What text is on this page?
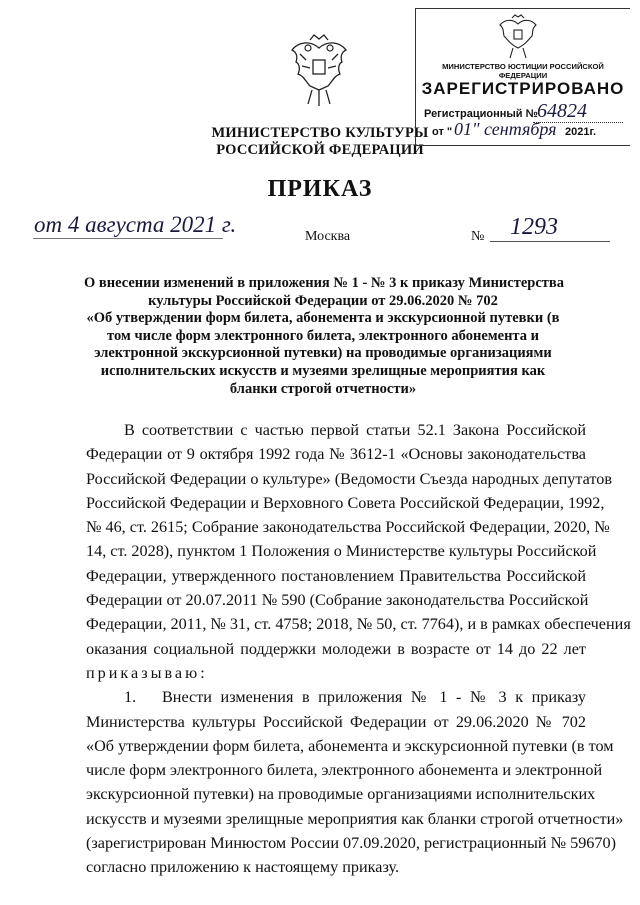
МИНИСТЕРСТВО КУЛЬТУРЫ
РОССИЙСКОЙ ФЕДЕРАЦИИ
МИНИСТЕРСТВО ЮСТИЦИИ РОССИЙСКОЙ ФЕДЕРАЦИИ
ЗАРЕГИСТРИРОВАНО
Регистрационный № 64824
от " 01" сентября 2021г.
ПРИКАЗ
от 4 августа 2021 г.	Москва	№ 1293
О внесении изменений в приложения № 1 - № 3 к приказу Министерства
культуры Российской Федерации от 29.06.2020 № 702
«Об утверждении форм билета, абонемента и экскурсионной путевки (в
том числе форм электронного билета, электронного абонемента и
электронной экскурсионной путевки) на проводимые организациями
исполнительских искусств и музеями зрелищные мероприятия как
бланки строгой отчетности»
В соответствии с частью первой статьи 52.1 Закона Российской
Федерации от 9 октября 1992 года № 3612-1 «Основы законодательства
Российской Федерации о культуре» (Ведомости Съезда народных депутатов
Российской Федерации и Верховного Совета Российской Федерации, 1992,
№ 46, ст. 2615; Собрание законодательства Российской Федерации, 2020, №
14, ст. 2028), пунктом 1 Положения о Министерстве культуры Российской
Федерации, утвержденного постановлением Правительства Российской
Федерации от 20.07.2011 № 590 (Собрание законодательства Российской
Федерации, 2011, № 31, ст. 4758; 2018, № 50, ст. 7764), и в рамках обеспечения
оказания социальной поддержки молодежи в возрасте от 14 до 22 лет
приказываю:
1. Внести изменения в приложения № 1 - № 3 к приказу
Министерства культуры Российской Федерации от 29.06.2020 № 702
«Об утверждении форм билета, абонемента и экскурсионной путевки (в том
числе форм электронного билета, электронного абонемента и электронной
экскурсионной путевки) на проводимые организациями исполнительских
искусств и музеями зрелищные мероприятия как бланки строгой отчетности»
(зарегистрирован Минюстом России 07.09.2020, регистрационный № 59670)
согласно приложению к настоящему приказу.
